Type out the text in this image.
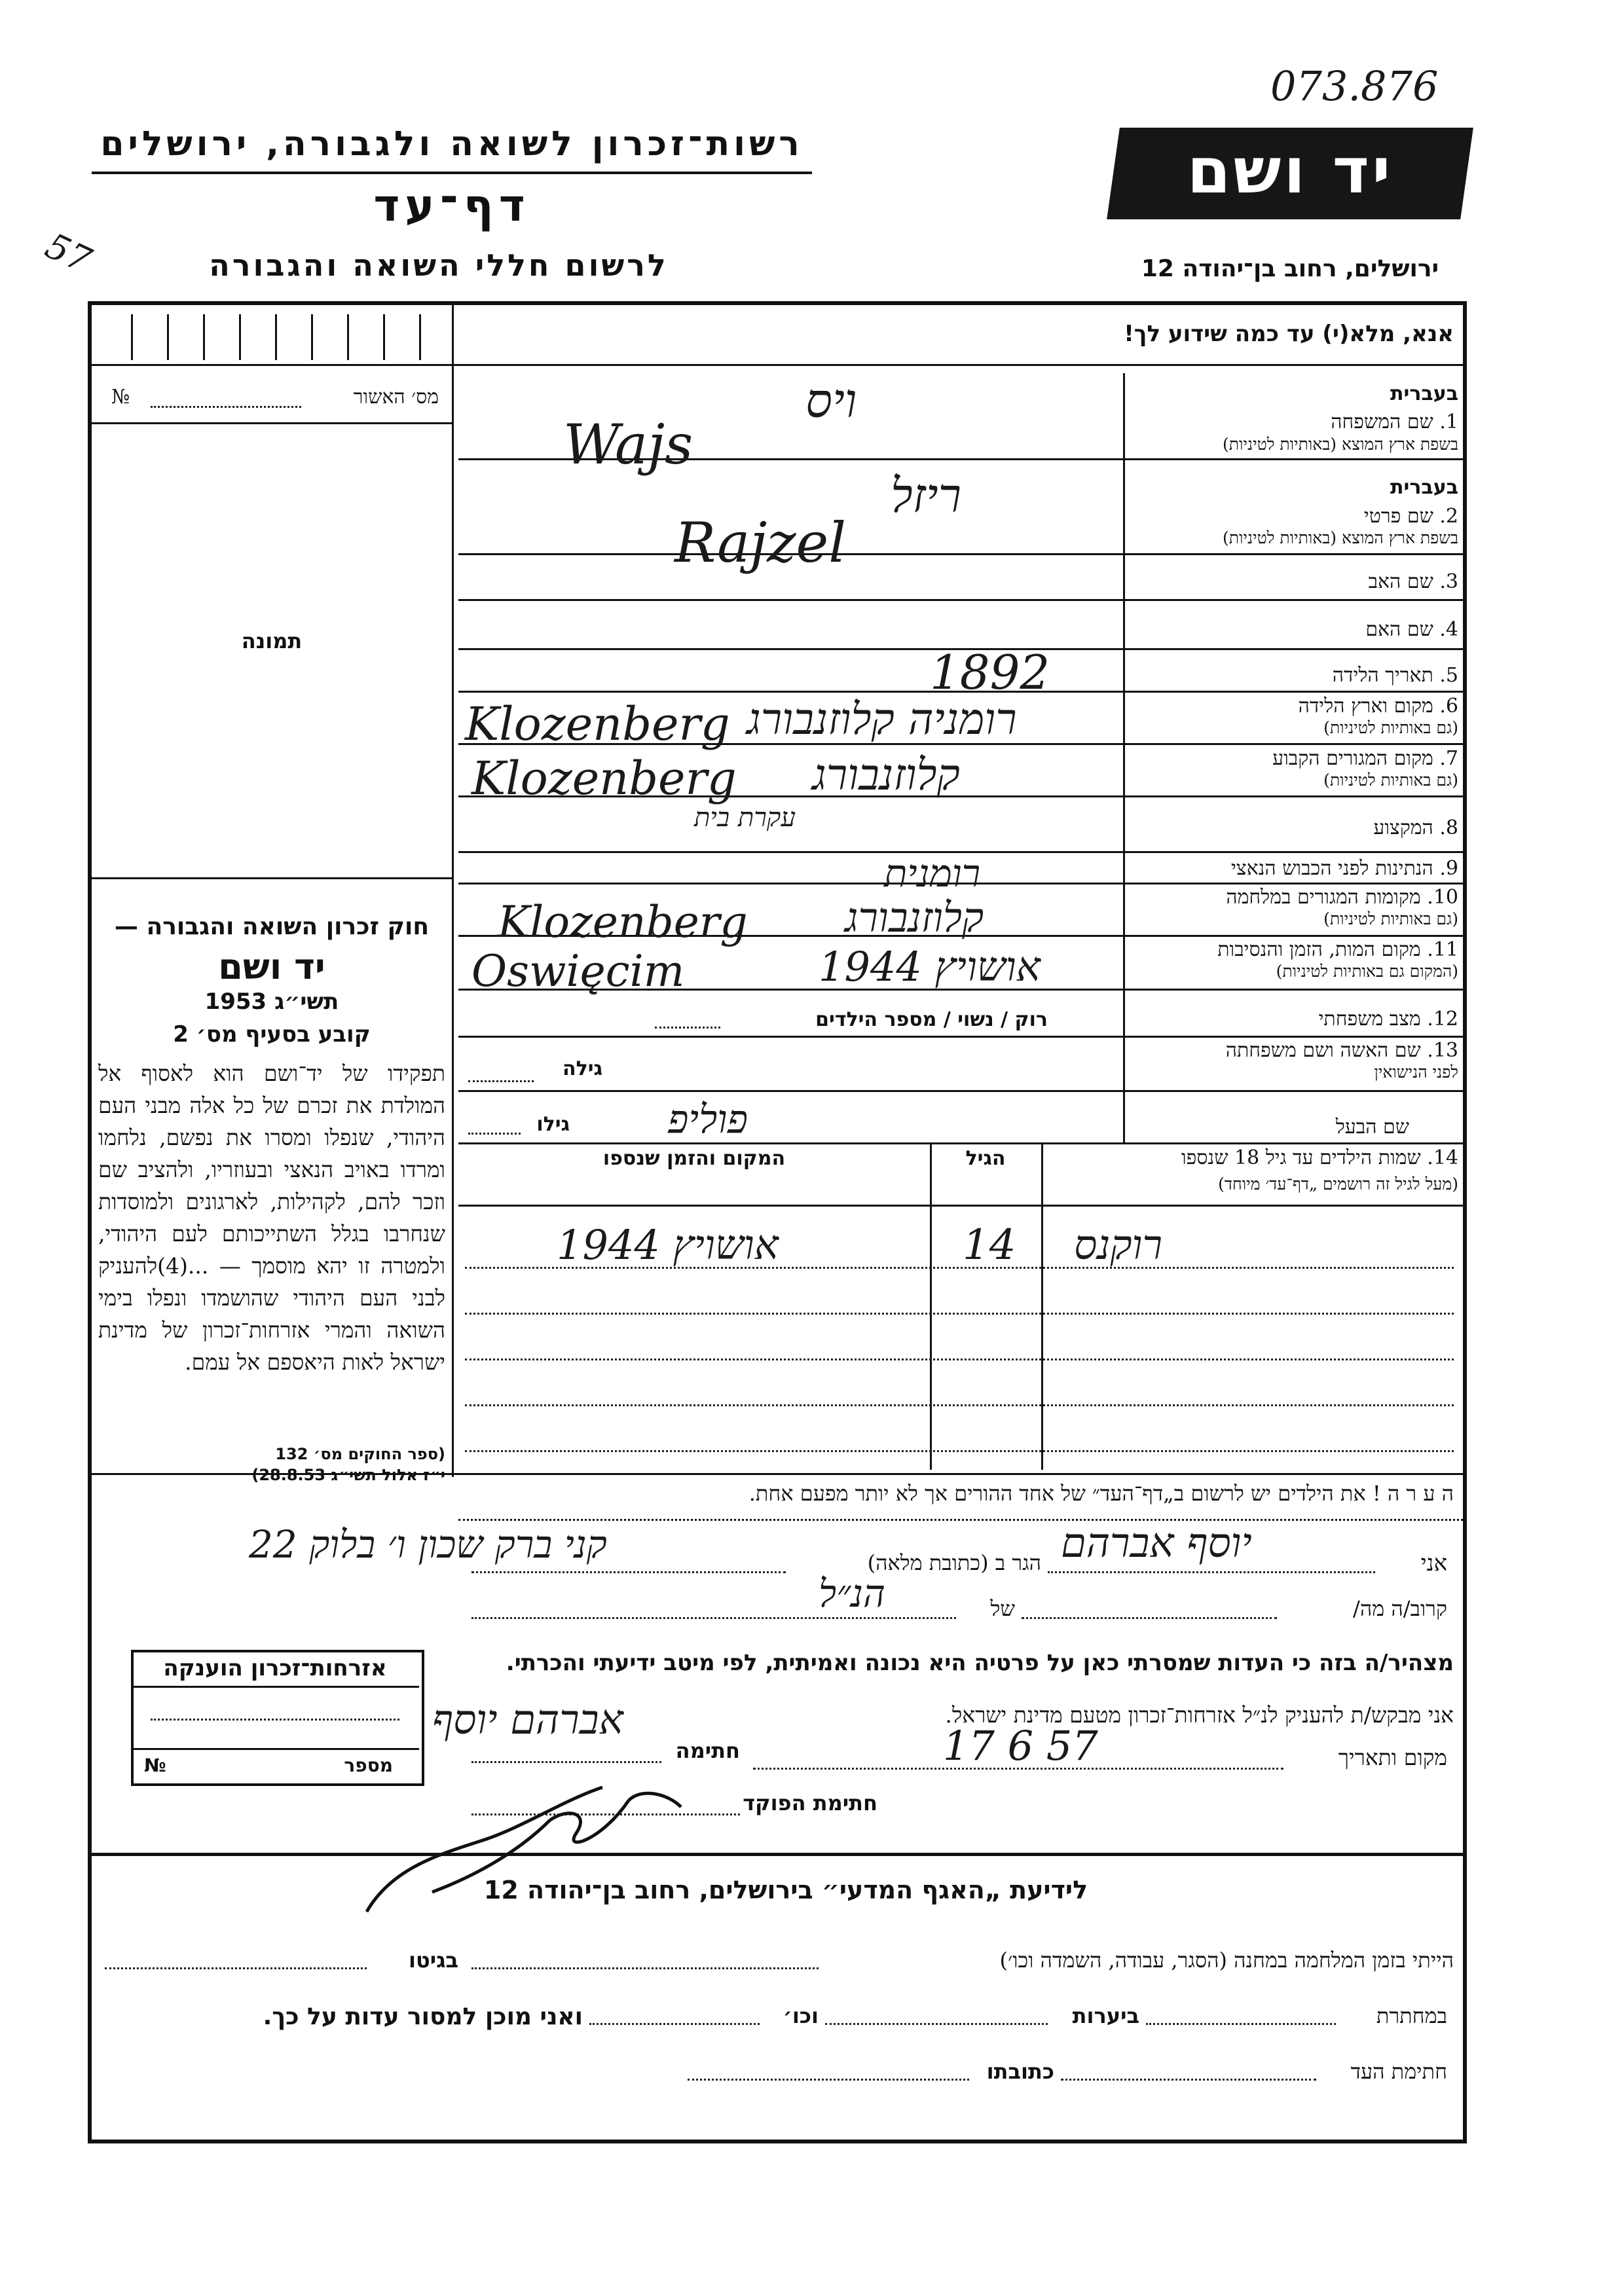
073.876
57
רשות־זכרון לשואה ולגבורה, ירושלים
דף־עד
לרשום חללי השואה והגבורה
יד ושם
ירושלים, רחוב בן־יהודה 12
אנא, מלא(י) עד כמה שידוע לך!
מס׳ האשור
№
תמונה
חוק זכרון השואה והגבורה —
יד ושם
תשי״ג 1953
קובע בסעיף מס׳ 2
תפקידו של יד־ושם הוא לאסוף אל המולדת את זכרם של כל אלה מבני העם היהודי, שנפלו ומסרו את נפשם, נלחמו ומרדו באויב הנאצי ובעוזריו, ולהציב שם וזכר להם, לקהילות, לארגונים ולמוסדות שנחרבו בגלל השתייכותם לעם היהודי, ולמטרה זו יהא מוסמך — ...(4)להעניק לבני העם היהודי שהושמדו ונפלו בימי השואה והמרי אזרחות־זכרון של מדינת ישראל לאות היאספם אל עמם.
(ספר החוקים מס׳ 132
י״ז אלול תשי״ג 28.8.53)
אזרחות־זכרון הוענקה
מספר
№
בעברית
1. שם המשפחה
בשפת ארץ המוצא (באותיות לטיניות)
בעברית
2. שם פרטי
בשפת ארץ המוצא (באותיות לטיניות)
3. שם האב
4. שם האם
5. תאריך הלידה
6. מקום וארץ הלידה
(גם באותיות לטיניות)
7. מקום המגורים הקבוע
(גם באותיות לטיניות)
8. המקצוע
9. הנתינות לפני הכבוש הנאצי
10. מקומות המגורים במלחמה
(גם באותיות לטיניות)
11. מקום המות, הזמן והנסיבות
(המקום גם באותיות לטיניות)
12. מצב משפחתי
רוק / נשוי / מספר הילדים
13. שם האשה ושם משפחתה
לפני הנישואין
גילה
שם הבעל
גילו
14. שמות הילדים עד גיל 18 שנספו
(מעל לגיל זה רושמים „דף־עד׳ מיוחד)
הגיל
המקום והזמן שנספו
ה ע ר ה ! את הילדים יש לרשום ב„דף־העד״ של אחד ההורים אך לא יותר מפעם אחת.
אני
הגר ב (כתובת מלאה)
קרוב/ה מה/
של
מצהיר/ה בזה כי העדות שמסרתי כאן על פרטיה היא נכונה ואמיתית, לפי מיטב ידיעתי והכרתי.
אני מבקש/ת להעניק לנ״ל אזרחות־זכרון מטעם מדינת ישראל.
חתימה	מקום ותאריך
חתימת הפוקד
לידיעת „האגף המדעי״ בירושלים, רחוב בן־יהודה 12
הייתי בזמן המלחמה במחנה (הסגר, עבודה, השמדה וכו׳)
בגיטו
במחתרת
ביערות
וכו׳
ואני מוכן למסור עדות על כך.
חתימת העד
כתובתו
ויס
Wajs
ריזל
Rajzel
1892
רומניה קלוזנבורג
Klozenberg
קלוזנבורג
Klozenberg
עקרת בית
רומנית
קלוזנבורג
Klozenberg
אושויץ 1944
Oswięcim
פוליפ
רוקנס
14
אושויץ 1944
יוסף אברהם
קני ברק שכון ו׳ בלוק 22
הנ״ל
אברהם יוסף
17 6 57
